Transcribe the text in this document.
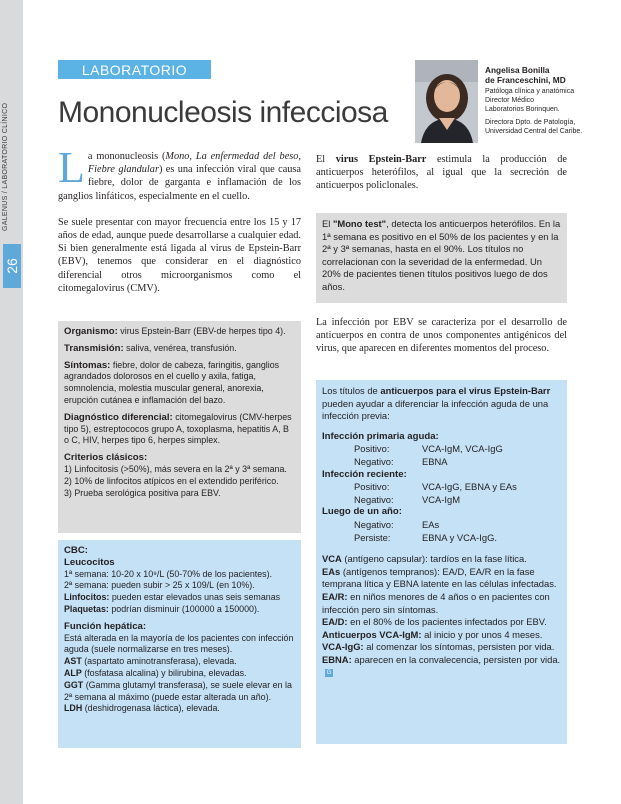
GALENUS / LABORATORIO CLÍNICO
26
LABORATORIO
Mononucleosis infecciosa
Angelisa Bonilla
de Franceschini, MD
Patóloga clínica y anatómica
Director Médico
Laboratorios Borinquen.
Directora Dpto. de Patología,
Universidad Central del Caribe.

La mononucleosis (Mono, La enfermedad del beso, Fiebre glandular) es una infección viral que causa fiebre, dolor de garganta e inflamación de los ganglios linfáticos, especialmente en el cuello.

Se suele presentar con mayor frecuencia entre los 15 y 17 años de edad, aunque puede desarrollarse a cualquier edad. Si bien generalmente está ligada al virus de Epstein-Barr (EBV), tenemos que considerar en el diagnóstico diferencial otros microorganismos como el citomegalovirus (CMV).

Organismo: virus Epstein-Barr (EBV-de herpes tipo 4).

Transmisión: saliva, venérea, transfusión.

Síntomas: fiebre, dolor de cabeza, faringitis, ganglios agrandados dolorosos en el cuello y axila, fatiga, somnolencia, molestia muscular general, anorexia, erupción cutánea e inflamación del bazo.

Diagnóstico diferencial: citomegalovirus (CMV-herpes tipo 5), estreptococos grupo A, toxoplasma, hepatitis A, B o C, HIV, herpes tipo 6, herpes simplex.

Criterios clásicos:

1) Linfocitosis (>50%), más severa en la 2ª y 3ª semana.

2) 10% de linfocitos atípicos en el extendido periférico.

3) Prueba serológica positiva para EBV.

CBC:

Leucocitos

1ª semana: 10-20 x 10⁹/L (50-70% de los pacientes).

2ª semana: pueden subir > 25 x 109/L (en 10%).

Linfocitos: pueden estar elevados unas seis semanas

Plaquetas: podrían disminuir (100000 a 150000).

Función hepática:

Está alterada en la mayoría de los pacientes con infección aguda (suele normalizarse en tres meses).

AST (aspartato aminotransferasa), elevada.

ALP (fosfatasa alcalina) y bilirubina, elevadas.

GGT (Gamma glutamyl transferasa), se suele elevar en la 2ª semana al máximo (puede estar alterada un año).

LDH (deshidrogenasa láctica), elevada.

El virus Epstein-Barr estimula la producción de anticuerpos heterófilos, al igual que la secreción de anticuerpos policlonales.

El "Mono test", detecta los anticuerpos heterófilos. En la 1ª semana es positivo en el 50% de los pacientes y en la 2ª y 3ª semanas, hasta en el 90%. Los títulos no correlacionan con la severidad de la enfermedad. Un 20% de pacientes tienen títulos positivos luego de dos años.

La infección por EBV se caracteriza por el desarrollo de anticuerpos en contra de unos componentes antigénicos del virus, que aparecen en diferentes momentos del proceso.

Los títulos de anticuerpos para el virus Epstein-Barr pueden ayudar a diferenciar la infección aguda de una infección previa:

Infección primaria aguda:

Positivo:	VCA-IgM, VCA-IgG
Negativo:	EBNA

Infección reciente:

Positivo:	VCA-IgG, EBNA y EAs
Negativo:	VCA-IgM

Luego de un año:

Negativo:	EAs
Persiste:	EBNA y VCA-IgG.

VCA (antígeno capsular): tardíos en la fase lítica.

EAs (antígenos tempranos): EA/D, EA/R en la fase temprana lítica y EBNA latente en las células infectadas.

EA/R: en niños menores de 4 años o en pacientes con infección pero sin síntomas.

EA/D: en el 80% de los pacientes infectados por EBV.

Anticuerpos VCA-IgM: al inicio y por unos 4 meses.

VCA-IgG: al comenzar los síntomas, persisten por vida.

EBNA: aparecen en la convalecencia, persisten por vida.G
